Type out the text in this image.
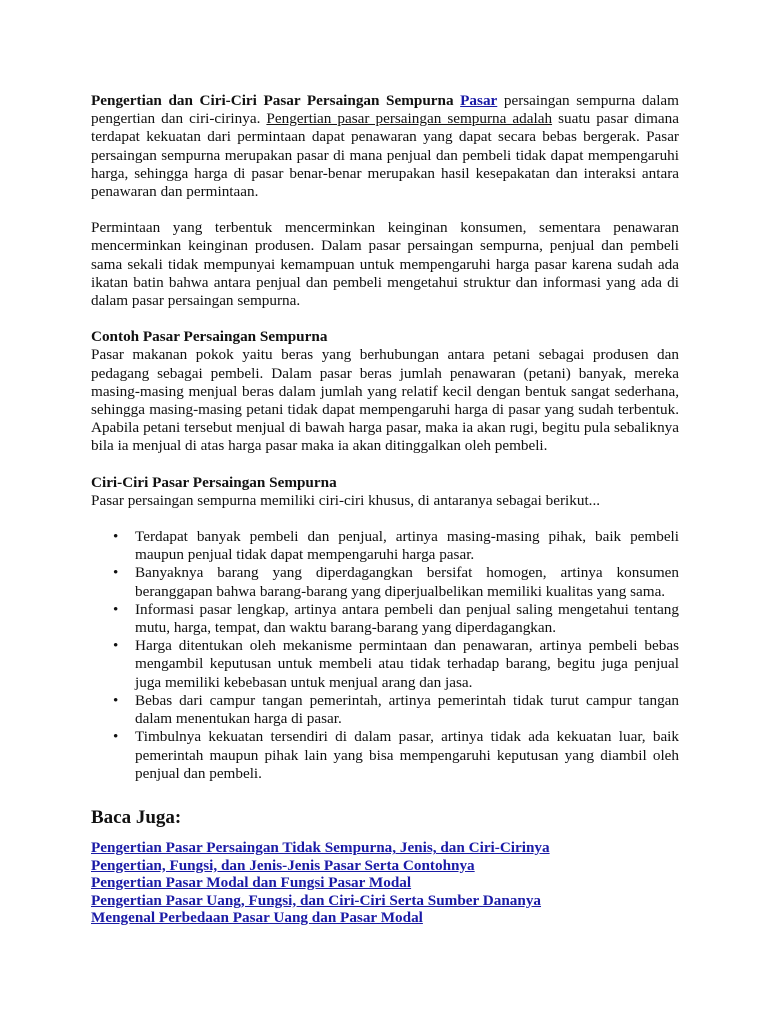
Pengertian dan Ciri-Ciri Pasar Persaingan Sempurna Pasar persaingan sempurna dalam pengertian dan ciri-cirinya. Pengertian pasar persaingan sempurna adalah suatu pasar dimana terdapat kekuatan dari permintaan dapat penawaran yang dapat secara bebas bergerak. Pasar persaingan sempurna merupakan pasar di mana penjual dan pembeli tidak dapat mempengaruhi harga, sehingga harga di pasar benar-benar merupakan hasil kesepakatan dan interaksi antara penawaran dan permintaan.

Permintaan yang terbentuk mencerminkan keinginan konsumen, sementara penawaran mencerminkan keinginan produsen. Dalam pasar persaingan sempurna, penjual dan pembeli sama sekali tidak mempunyai kemampuan untuk mempengaruhi harga pasar karena sudah ada ikatan batin bahwa antara penjual dan pembeli mengetahui struktur dan informasi yang ada di dalam pasar persaingan sempurna.

Contoh Pasar Persaingan Sempurna

Pasar makanan pokok yaitu beras yang berhubungan antara petani sebagai produsen dan pedagang sebagai pembeli. Dalam pasar beras jumlah penawaran (petani) banyak, mereka masing-masing menjual beras dalam jumlah yang relatif kecil dengan bentuk sangat sederhana, sehingga masing-masing petani tidak dapat mempengaruhi harga di pasar yang sudah terbentuk. Apabila petani tersebut menjual di bawah harga pasar, maka ia akan rugi, begitu pula sebaliknya bila ia menjual di atas harga pasar maka ia akan ditinggalkan oleh pembeli.

Ciri-Ciri Pasar Persaingan Sempurna

Pasar persaingan sempurna memiliki ciri-ciri khusus, di antaranya sebagai berikut...

• Terdapat banyak pembeli dan penjual, artinya masing-masing pihak, baik pembeli maupun penjual tidak dapat mempengaruhi harga pasar.
• Banyaknya barang yang diperdagangkan bersifat homogen, artinya konsumen beranggapan bahwa barang-barang yang diperjualbelikan memiliki kualitas yang sama.
• Informasi pasar lengkap, artinya antara pembeli dan penjual saling mengetahui tentang mutu, harga, tempat, dan waktu barang-barang yang diperdagangkan.
• Harga ditentukan oleh mekanisme permintaan dan penawaran, artinya pembeli bebas mengambil keputusan untuk membeli atau tidak terhadap barang, begitu juga penjual juga memiliki kebebasan untuk menjual arang dan jasa.
• Bebas dari campur tangan pemerintah, artinya pemerintah tidak turut campur tangan dalam menentukan harga di pasar.
• Timbulnya kekuatan tersendiri di dalam pasar, artinya tidak ada kekuatan luar, baik pemerintah maupun pihak lain yang bisa mempengaruhi keputusan yang diambil oleh penjual dan pembeli.
Baca Juga:
Pengertian Pasar Persaingan Tidak Sempurna, Jenis, dan Ciri-Cirinya
Pengertian, Fungsi, dan Jenis-Jenis Pasar Serta Contohnya
Pengertian Pasar Modal dan Fungsi Pasar Modal
Pengertian Pasar Uang, Fungsi, dan Ciri-Ciri Serta Sumber Dananya
Mengenal Perbedaan Pasar Uang dan Pasar Modal
